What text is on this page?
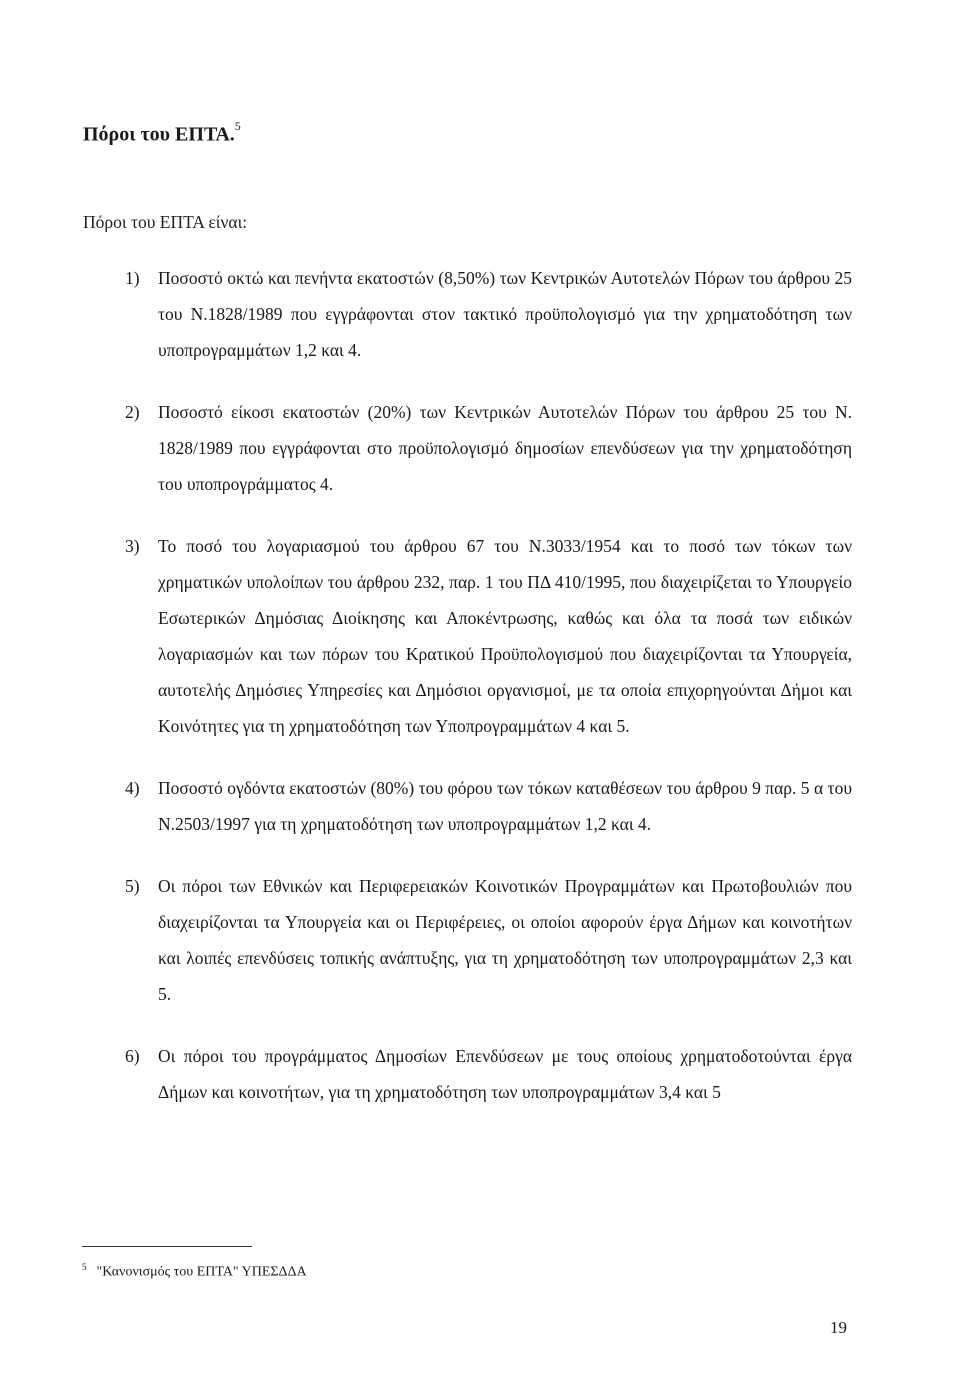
Πόροι του ΕΠΤΑ.$^5$

Πόροι του ΕΠΤΑ είναι:

1) Ποσοστό οκτώ και πενήντα εκατοστών (8,50%) των Κεντρικών Αυτοτελών Πόρων του άρθρου 25 του Ν.1828/1989 που εγγράφονται στον τακτικό προϋπολογισμό για την χρηματοδότηση των υποπρογραμμάτων 1,2 και 4.

2) Ποσοστό είκοσι εκατοστών (20%) των Κεντρικών Αυτοτελών Πόρων του άρθρου 25 του Ν. 1828/1989 που εγγράφονται στο προϋπολογισμό δημοσίων επενδύσεων για την χρηματοδότηση του υποπρογράμματος 4.

3) Το ποσό του λογαριασμού του άρθρου 67 του Ν.3033/1954 και το ποσό των τόκων των χρηματικών υπολοίπων του άρθρου 232, παρ. 1 του ΠΔ 410/1995, που διαχειρίζεται το Υπουργείο Εσωτερικών Δημόσιας Διοίκησης και Αποκέντρωσης, καθώς και όλα τα ποσά των ειδικών λογαριασμών και των πόρων του Κρατικού Προϋπολογισμού που διαχειρίζονται τα Υπουργεία, αυτοτελής Δημόσιες Υπηρεσίες και Δημόσιοι οργανισμοί, με τα οποία επιχορηγούνται Δήμοι και Κοινότητες για τη χρηματοδότηση των Υποπρογραμμάτων 4 και 5.

4) Ποσοστό ογδόντα εκατοστών (80%) του φόρου των τόκων καταθέσεων του άρθρου 9 παρ. 5 α του Ν.2503/1997 για τη χρηματοδότηση των υποπρογραμμάτων 1,2 και 4.

5) Οι πόροι των Εθνικών και Περιφερειακών Κοινοτικών Προγραμμάτων και Πρωτοβουλιών που διαχειρίζονται τα Υπουργεία και οι Περιφέρειες, οι οποίοι αφορούν έργα Δήμων και κοινοτήτων και λοιπές επενδύσεις τοπικής ανάπτυξης, για τη χρηματοδότηση των υποπρογραμμάτων 2,3 και 5.

6) Οι πόροι του προγράμματος Δημοσίων Επενδύσεων με τους οποίους χρηματοδοτούνται έργα Δήμων και κοινοτήτων, για τη χρηματοδότηση των υποπρογραμμάτων 3,4 και 5

$^5$ "Κανονισμός του ΕΠΤΑ" ΥΠΕΣΔΔΑ

19
